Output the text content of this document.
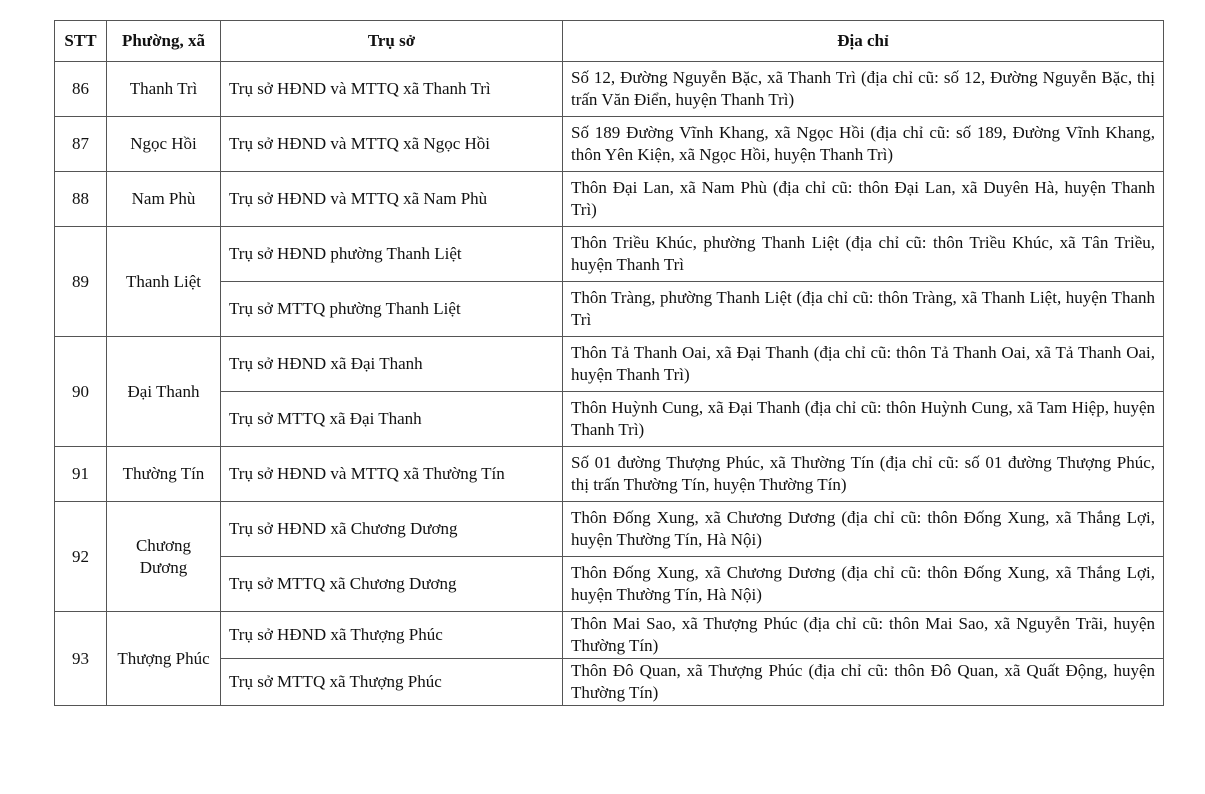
STT	Phường, xã	Trụ sở	Địa chỉ
86	Thanh Trì	Trụ sở HĐND và MTTQ xã Thanh Trì	Số 12, Đường Nguyễn Bặc, xã Thanh Trì (địa chỉ cũ: số 12, Đường Nguyễn Bặc, thị trấn Văn Điển, huyện Thanh Trì)
87	Ngọc Hồi	Trụ sở HĐND và MTTQ xã Ngọc Hồi	Số 189 Đường Vĩnh Khang, xã Ngọc Hồi (địa chỉ cũ: số 189, Đường Vĩnh Khang, thôn Yên Kiện, xã Ngọc Hồi, huyện Thanh Trì)
88	Nam Phù	Trụ sở HĐND và MTTQ xã Nam Phù	Thôn Đại Lan, xã Nam Phù (địa chỉ cũ: thôn Đại Lan, xã Duyên Hà, huyện Thanh Trì)
89	Thanh Liệt	Trụ sở HĐND phường Thanh Liệt	Thôn Triều Khúc, phường Thanh Liệt (địa chỉ cũ: thôn Triều Khúc, xã Tân Triều, huyện Thanh Trì
		Trụ sở MTTQ phường Thanh Liệt	Thôn Tràng, phường Thanh Liệt (địa chỉ cũ: thôn Tràng, xã Thanh Liệt, huyện Thanh Trì
90	Đại Thanh	Trụ sở HĐND xã Đại Thanh	Thôn Tả Thanh Oai, xã Đại Thanh (địa chỉ cũ: thôn Tả Thanh Oai, xã Tả Thanh Oai, huyện Thanh Trì)
		Trụ sở MTTQ xã Đại Thanh	Thôn Huỳnh Cung, xã Đại Thanh (địa chỉ cũ: thôn Huỳnh Cung, xã Tam Hiệp, huyện Thanh Trì)
91	Thường Tín	Trụ sở HĐND và MTTQ xã Thường Tín	Số 01 đường Thượng Phúc, xã Thường Tín (địa chỉ cũ: số 01 đường Thượng Phúc, thị trấn Thường Tín, huyện Thường Tín)
92	Chương Dương	Trụ sở HĐND xã Chương Dương	Thôn Đống Xung, xã Chương Dương (địa chỉ cũ: thôn Đống Xung, xã Thắng Lợi, huyện Thường Tín, Hà Nội)
		Trụ sở MTTQ xã Chương Dương	Thôn Đống Xung, xã Chương Dương (địa chỉ cũ: thôn Đống Xung, xã Thắng Lợi, huyện Thường Tín, Hà Nội)
93	Thượng Phúc	Trụ sở HĐND xã Thượng Phúc	Thôn Mai Sao, xã Thượng Phúc (địa chỉ cũ: thôn Mai Sao, xã Nguyễn Trãi, huyện Thường Tín)
		Trụ sở MTTQ xã Thượng Phúc	Thôn Đô Quan, xã Thượng Phúc (địa chỉ cũ: thôn Đô Quan, xã Quất Động, huyện Thường Tín)
